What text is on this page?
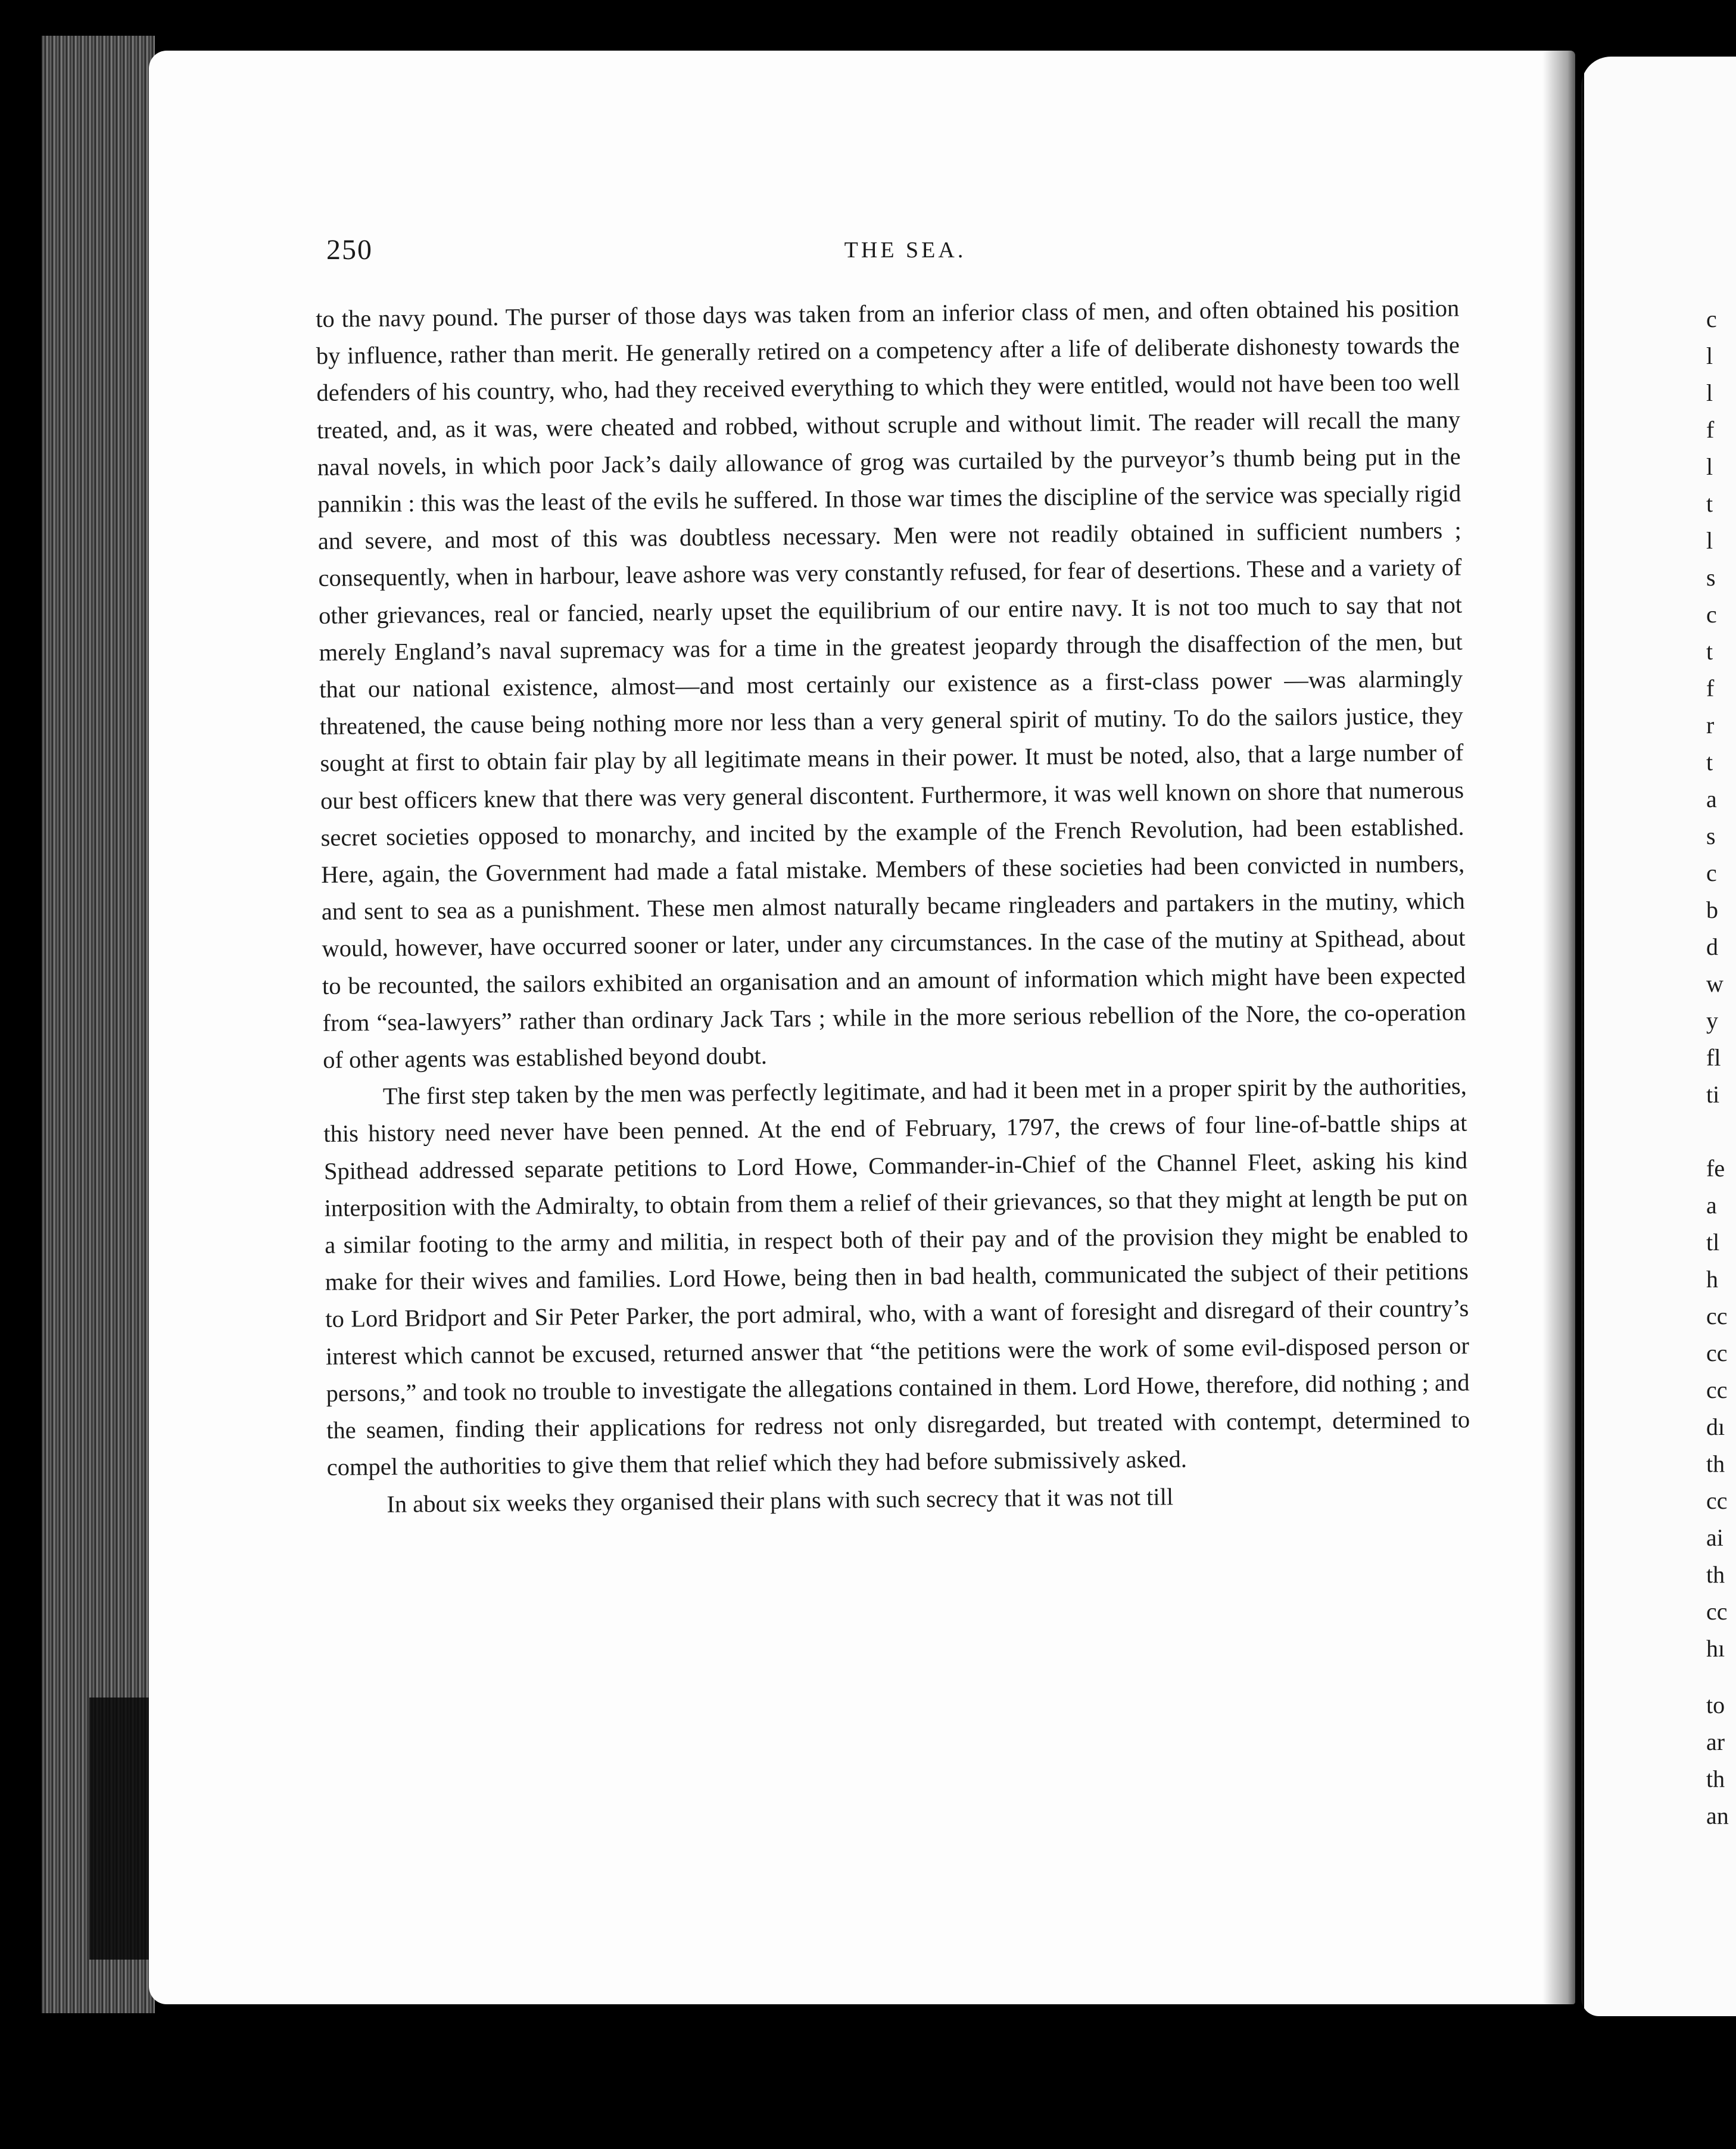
250	THE SEA.

to the navy pound. The purser of those days was taken from an inferior class of men, and often obtained his position by influence, rather than merit. He generally retired on a competency after a life of deliberate dishonesty towards the defenders of his country, who, had they received everything to which they were entitled, would not have been too well treated, and, as it was, were cheated and robbed, without scruple and without limit. The reader will recall the many naval novels, in which poor Jack’s daily allowance of grog was curtailed by the purveyor’s thumb being put in the pannikin : this was the least of the evils he suffered. In those war times the discipline of the service was specially rigid and severe, and most of this was doubtless necessary. Men were not readily obtained in sufficient numbers ; consequently, when in harbour, leave ashore was very constantly refused, for fear of desertions. These and a variety of other grievances, real or fancied, nearly upset the equilibrium of our entire navy. It is not too much to say that not merely England’s naval supremacy was for a time in the greatest jeopardy through the disaffection of the men, but that our national existence, almost—and most certainly our existence as a first-class power —was alarmingly threatened, the cause being nothing more nor less than a very general spirit of mutiny. To do the sailors justice, they sought at first to obtain fair play by all legitimate means in their power. It must be noted, also, that a large number of our best officers knew that there was very general discontent. Furthermore, it was well known on shore that numerous secret societies opposed to monarchy, and incited by the example of the French Revolution, had been established. Here, again, the Government had made a fatal mistake. Members of these societies had been convicted in numbers, and sent to sea as a punishment. These men almost naturally became ringleaders and partakers in the mutiny, which would, however, have occurred sooner or later, under any circumstances. In the case of the mutiny at Spithead, about to be recounted, the sailors exhibited an organisation and an amount of information which might have been expected from “sea-lawyers” rather than ordinary Jack Tars ; while in the more serious rebellion of the Nore, the co-operation of other agents was established beyond doubt.

The first step taken by the men was perfectly legitimate, and had it been met in a proper spirit by the authorities, this history need never have been penned. At the end of February, 1797, the crews of four line-of-battle ships at Spithead addressed separate petitions to Lord Howe, Commander-in-Chief of the Channel Fleet, asking his kind interposition with the Admiralty, to obtain from them a relief of their grievances, so that they might at length be put on a similar footing to the army and militia, in respect both of their pay and of the provision they might be enabled to make for their wives and families. Lord Howe, being then in bad health, communicated the subject of their petitions to Lord Bridport and Sir Peter Parker, the port admiral, who, with a want of foresight and disregard of their country’s interest which cannot be excused, returned answer that “the petitions were the work of some evil-disposed person or persons,” and took no trouble to investigate the allegations contained in them. Lord Howe, therefore, did nothing ; and the seamen, finding their applications for redress not only disregarded, but treated with contempt, determined to compel the authorities to give them that relief which they had before submissively asked.

In about six weeks they organised their plans with such secrecy that it was not till

c
l
l
f
l
t
l
s
c
t
f
r
t
a
s
c
b
d
w
y
fl
ti
fe
a
tl
h
cc
cc
cc
dı
th
cc
ai
th
cc
hı
to
ar
th
an
